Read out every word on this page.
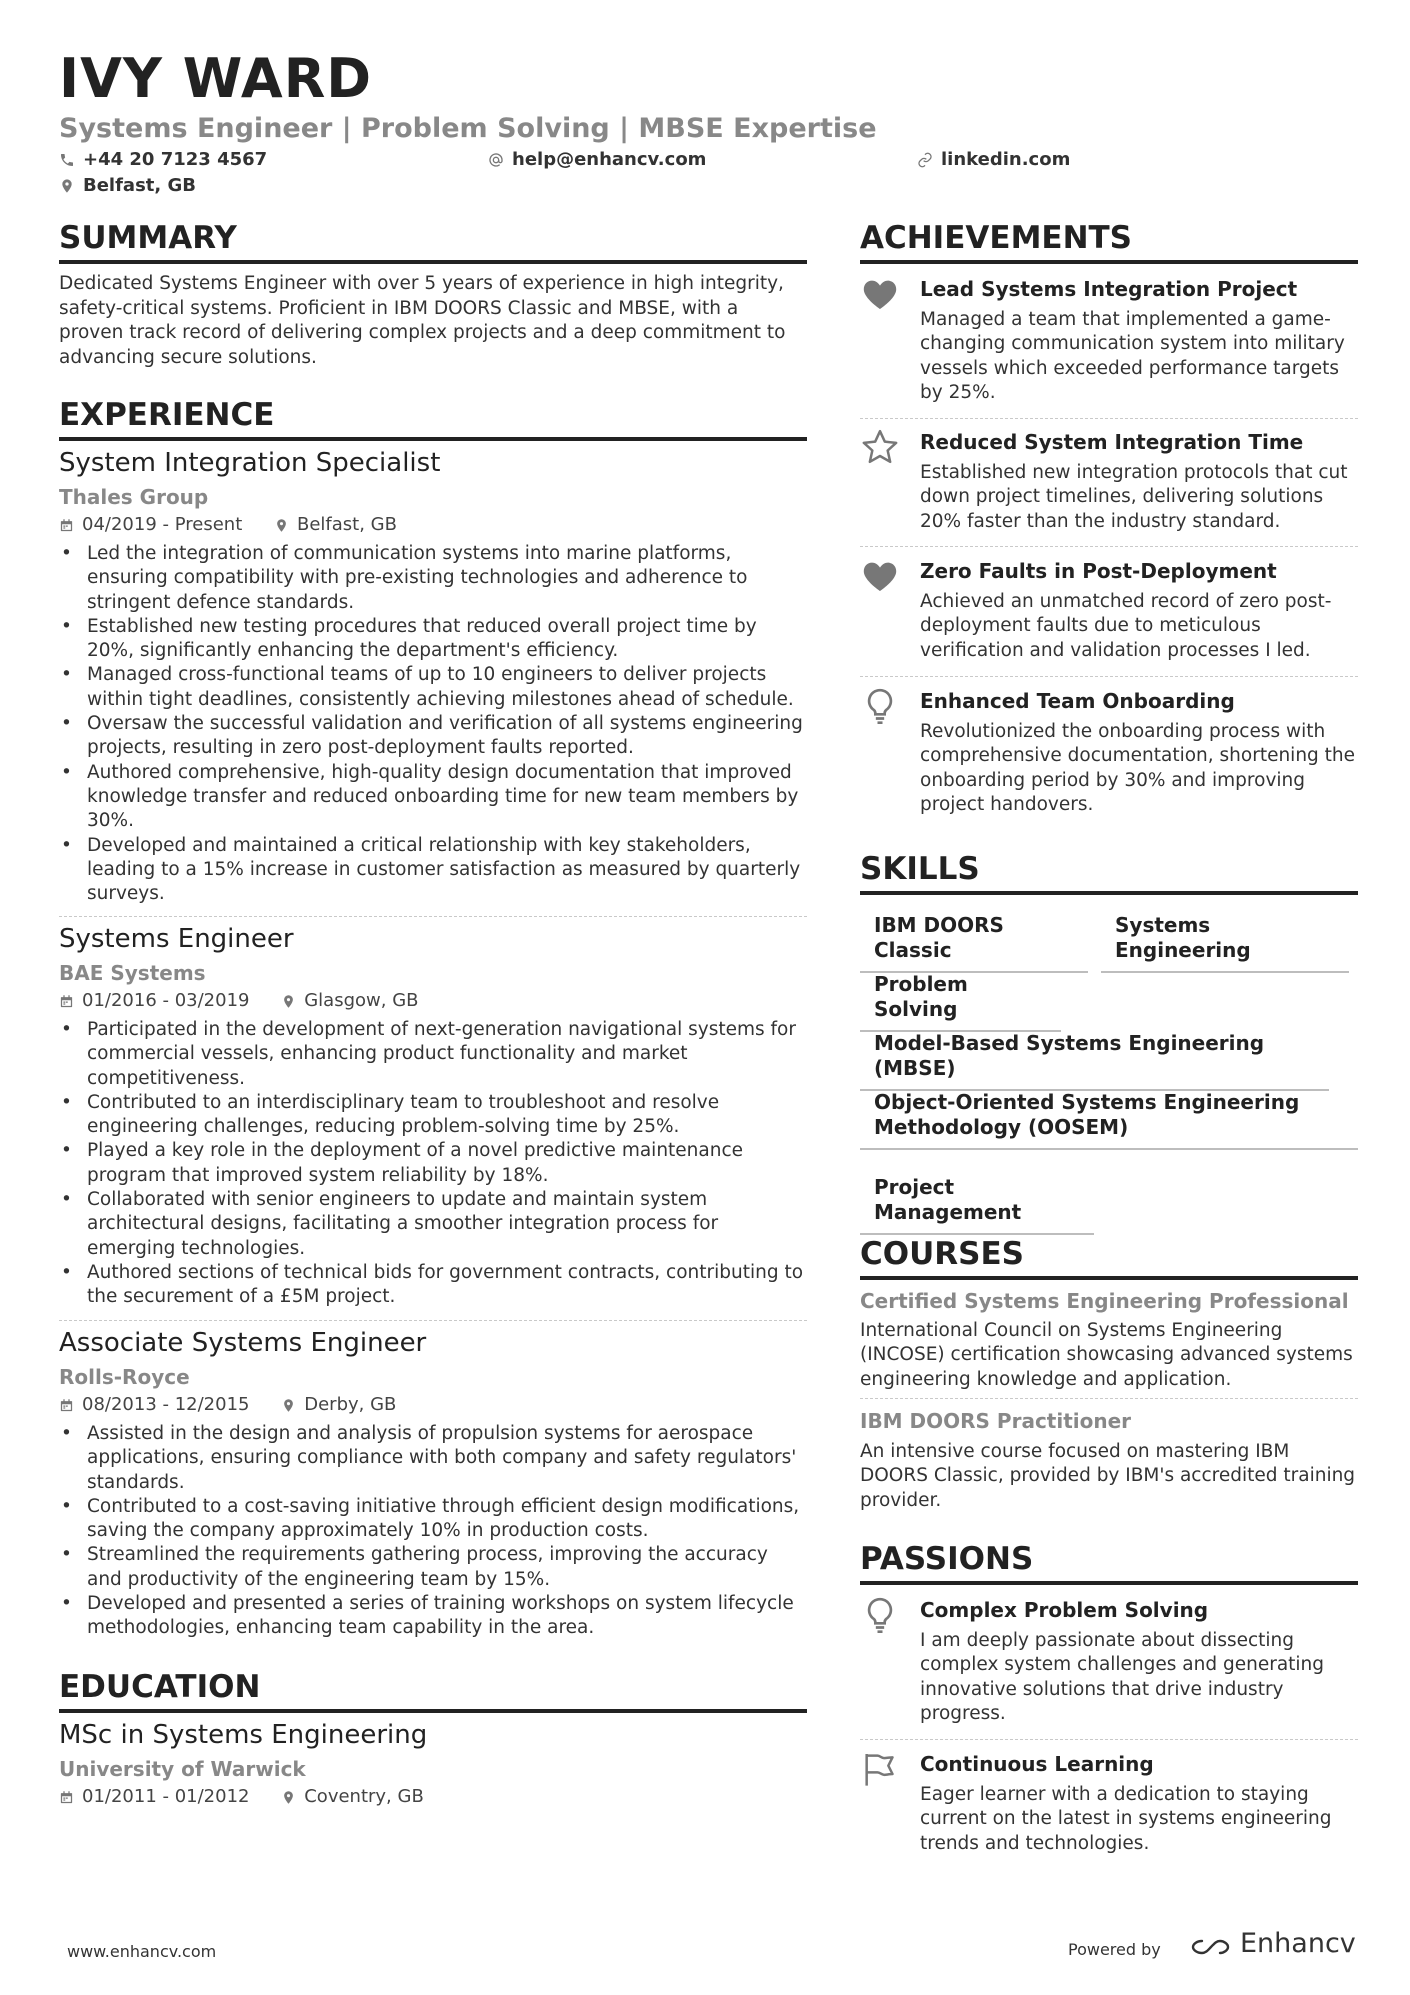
IVY WARD
Systems Engineer | Problem Solving | MBSE Expertise
+44 20 7123 4567	help@enhancv.com	linkedin.com
Belfast, GB
SUMMARY
Dedicated Systems Engineer with over 5 years of experience in high integrity, safety-critical systems. Proficient in IBM DOORS Classic and MBSE, with a proven track record of delivering complex projects and a deep commitment to advancing secure solutions.
EXPERIENCE
System Integration Specialist
Thales Group
04/2019 - Present	Belfast, GB
• Led the integration of communication systems into marine platforms, ensuring compatibility with pre-existing technologies and adherence to stringent defence standards.
• Established new testing procedures that reduced overall project time by 20%, significantly enhancing the department's efficiency.
• Managed cross-functional teams of up to 10 engineers to deliver projects within tight deadlines, consistently achieving milestones ahead of schedule.
• Oversaw the successful validation and verification of all systems engineering projects, resulting in zero post-deployment faults reported.
• Authored comprehensive, high-quality design documentation that improved knowledge transfer and reduced onboarding time for new team members by 30%.
• Developed and maintained a critical relationship with key stakeholders, leading to a 15% increase in customer satisfaction as measured by quarterly surveys.
Systems Engineer
BAE Systems
01/2016 - 03/2019	Glasgow, GB
• Participated in the development of next-generation navigational systems for commercial vessels, enhancing product functionality and market competitiveness.
• Contributed to an interdisciplinary team to troubleshoot and resolve engineering challenges, reducing problem-solving time by 25%.
• Played a key role in the deployment of a novel predictive maintenance program that improved system reliability by 18%.
• Collaborated with senior engineers to update and maintain system architectural designs, facilitating a smoother integration process for emerging technologies.
• Authored sections of technical bids for government contracts, contributing to the securement of a £5M project.
Associate Systems Engineer
Rolls-Royce
08/2013 - 12/2015	Derby, GB
• Assisted in the design and analysis of propulsion systems for aerospace applications, ensuring compliance with both company and safety regulators' standards.
• Contributed to a cost-saving initiative through efficient design modifications, saving the company approximately 10% in production costs.
• Streamlined the requirements gathering process, improving the accuracy and productivity of the engineering team by 15%.
• Developed and presented a series of training workshops on system lifecycle methodologies, enhancing team capability in the area.
EDUCATION
MSc in Systems Engineering
University of Warwick
01/2011 - 01/2012	Coventry, GB
ACHIEVEMENTS
Lead Systems Integration Project
Managed a team that implemented a game-changing communication system into military vessels which exceeded performance targets by 25%.
Reduced System Integration Time
Established new integration protocols that cut down project timelines, delivering solutions 20% faster than the industry standard.
Zero Faults in Post-Deployment
Achieved an unmatched record of zero post-deployment faults due to meticulous verification and validation processes I led.
Enhanced Team Onboarding
Revolutionized the onboarding process with comprehensive documentation, shortening the onboarding period by 30% and improving project handovers.
SKILLS
IBM DOORS Classic
Systems Engineering
Problem Solving
Model-Based Systems Engineering (MBSE)
Object-Oriented Systems Engineering Methodology (OOSEM)
Project Management
COURSES
Certified Systems Engineering Professional
International Council on Systems Engineering (INCOSE) certification showcasing advanced systems engineering knowledge and application.
IBM DOORS Practitioner
An intensive course focused on mastering IBM DOORS Classic, provided by IBM's accredited training provider.
PASSIONS
Complex Problem Solving
I am deeply passionate about dissecting complex system challenges and generating innovative solutions that drive industry progress.
Continuous Learning
Eager learner with a dedication to staying current on the latest in systems engineering trends and technologies.
www.enhancv.com	Powered by	Enhancv
